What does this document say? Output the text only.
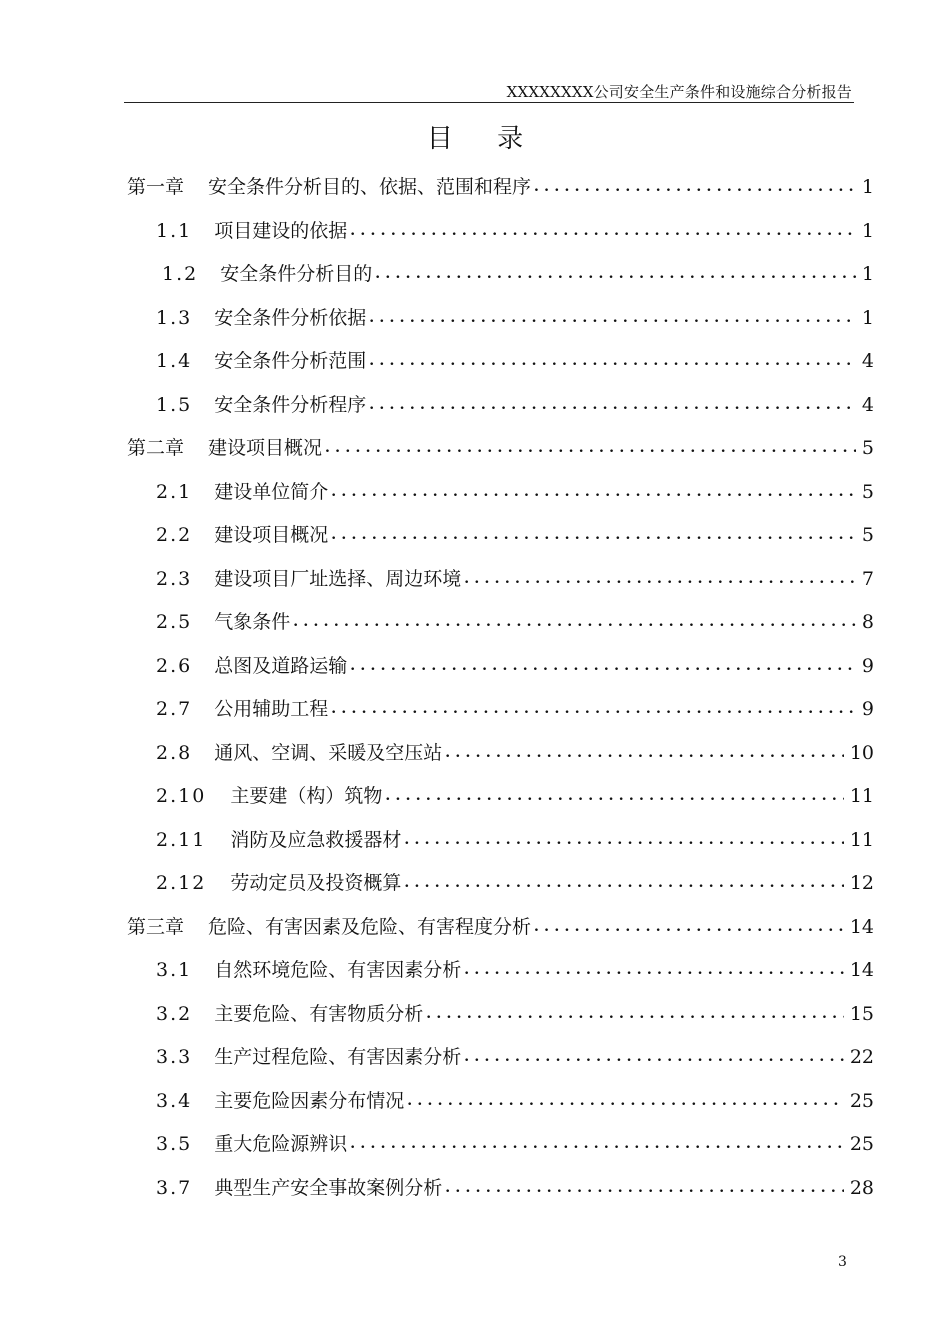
XXXXXXXX公司安全生产条件和设施综合分析报告
目 录
第一章 安全条件分析目的、依据、范围和程序 . . .	1
1.1 项目建设的依据 . . .	1
1.2 安全条件分析目的 . . .	1
1.3 安全条件分析依据 . . .	1
1.4 安全条件分析范围 . . .	4
1.5 安全条件分析程序 . . .	4
第二章 建设项目概况 . . .	5
2.1 建设单位简介 . . .	5
2.2 建设项目概况 . . .	5
2.3 建设项目厂址选择、周边环境 . . .	7
2.5 气象条件 . . .	8
2.6 总图及道路运输 . . .	9
2.7 公用辅助工程 . . .	9
2.8 通风、空调、采暖及空压站 . . .	10
2.10 主要建（构）筑物 . . .	11
2.11 消防及应急救援器材 . . .	11
2.12 劳动定员及投资概算 . . .	12
第三章 危险、有害因素及危险、有害程度分析 . . .	14
3.1 自然环境危险、有害因素分析 . . .	14
3.2 主要危险、有害物质分析 . . .	15
3.3 生产过程危险、有害因素分析 . . .	22
3.4 主要危险因素分布情况 . . .	25
3.5 重大危险源辨识 . . .	25
3.7 典型生产安全事故案例分析 . . .	28
3
